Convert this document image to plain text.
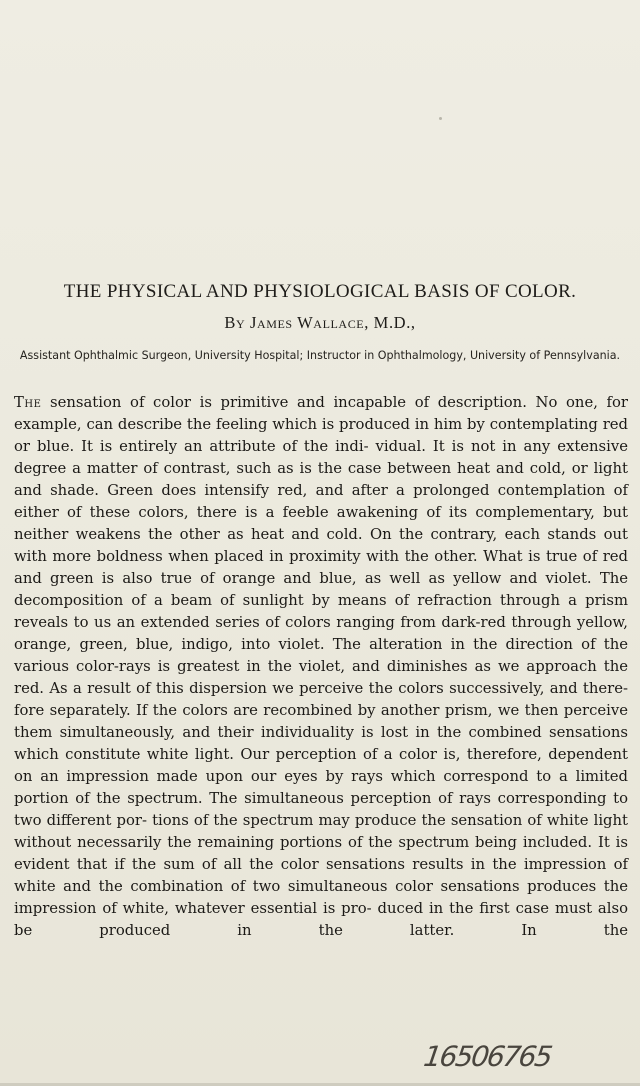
THE PHYSICAL AND PHYSIOLOGICAL BASIS OF COLOR.
By James Wallace, M.D.,
Assistant Ophthalmic Surgeon, University Hospital; Instructor in Ophthalmology, University of Pennsylvania.

The sensation of color is primitive and incapable of description. No one, for example, can describe the feeling which is produced in him by contemplating red or blue. It is entirely an attribute of the indi- vidual. It is not in any extensive degree a matter of contrast, such as is the case between heat and cold, or light and shade. Green does intensify red, and after a prolonged contemplation of either of these colors, there is a feeble awakening of its complementary, but neither weakens the other as heat and cold. On the contrary, each stands out with more boldness when placed in proximity with the other. What is true of red and green is also true of orange and blue, as well as yellow and violet. The decomposition of a beam of sunlight by means of refraction through a prism reveals to us an extended series of colors ranging from dark-red through yellow, orange, green, blue, indigo, into violet. The alteration in the direction of the various color-rays is greatest in the violet, and diminishes as we approach the red. As a result of this dispersion we perceive the colors successively, and there- fore separately. If the colors are recombined by another prism, we then perceive them simultaneously, and their individuality is lost in the combined sensations which constitute white light. Our perception of a color is, therefore, dependent on an impression made upon our eyes by rays which correspond to a limited portion of the spectrum. The simultaneous perception of rays corresponding to two different por- tions of the spectrum may produce the sensation of white light without necessarily the remaining portions of the spectrum being included. It is evident that if the sum of all the color sensations results in the impression of white and the combination of two simultaneous color sensations produces the impression of white, whatever essential is pro- duced in the first case must also be produced in the latter. In the

16506765
